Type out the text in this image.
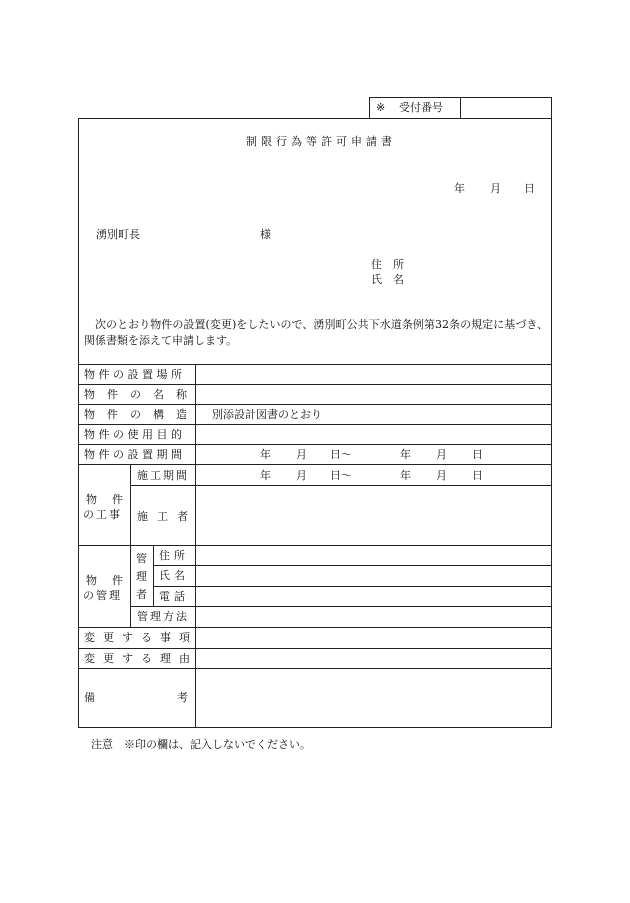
※ 受付番号
制限行為等許可申請書
年 月 日
湧別町長	様
住　所
氏　名
次のとおり物件の設置(変更)をしたいので、湧別町公共下水道条例第32条の規定に基づき、関係書類を添えて申請します。
物件の設置場所
物件の名称
物件の構造 別添設計図書のとおり
物件の使用目的
物件の設置期間	年 月 日〜	年 月 日
物　件
の工事
施工期間	年 月 日〜	年 月 日
施工者
物　件
の管理
管
理
者
住所
氏名
電話
管理方法
変更する事項
変更する理由
備考
注意　※印の欄は、記入しないでください。
